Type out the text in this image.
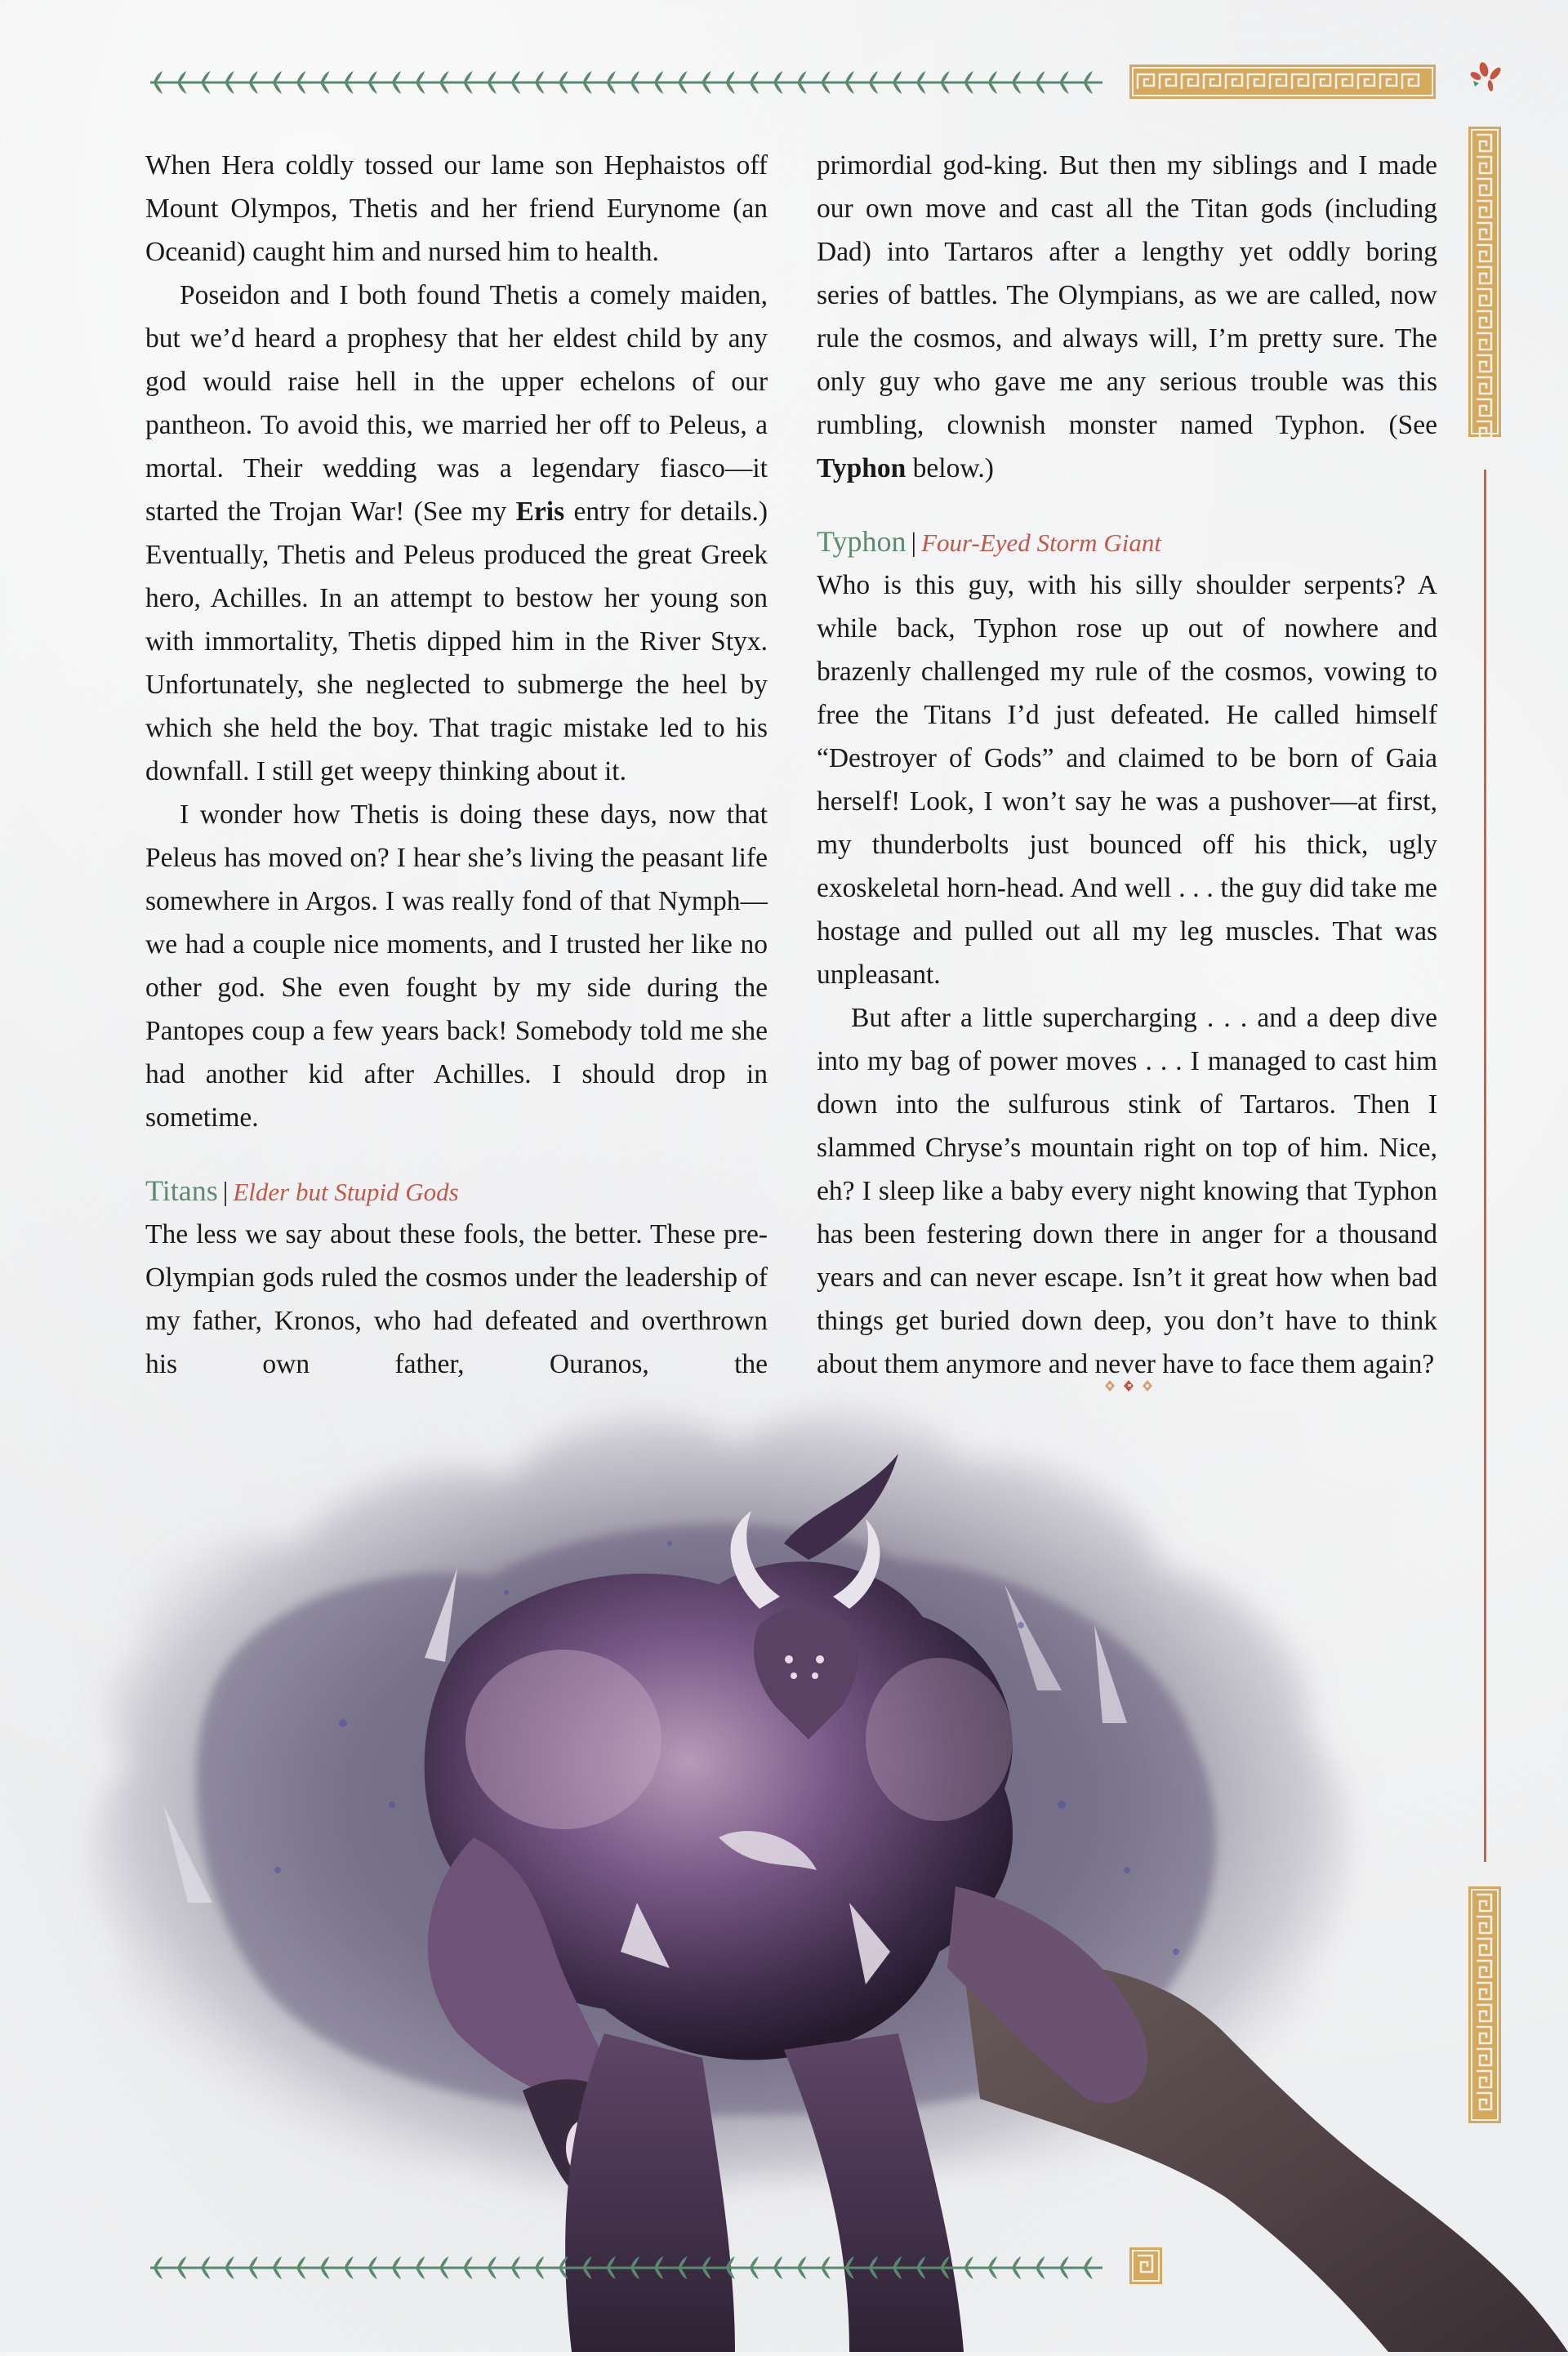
When Hera coldly tossed our lame son Hephaistos off Mount Olympos, Thetis and her friend Eurynome (an Oceanid) caught him and nursed him to health.

Poseidon and I both found Thetis a comely maiden, but we’d heard a prophesy that her eldest child by any god would raise hell in the upper echelons of our pantheon. To avoid this, we married her off to Peleus, a mortal. Their wedding was a legendary fiasco—it started the Trojan War! (See my Eris entry for details.) Eventually, Thetis and Peleus produced the great Greek hero, Achilles. In an attempt to bestow her young son with immortality, Thetis dipped him in the River Styx. Unfortunately, she neglected to submerge the heel by which she held the boy. That tragic mistake led to his downfall. I still get weepy thinking about it.

I wonder how Thetis is doing these days, now that Peleus has moved on? I hear she’s living the peasant life somewhere in Argos. I was really fond of that Nymph—we had a couple nice moments, and I trusted her like no other god. She even fought by my side during the Pantopes coup a few years back! Somebody told me she had another kid after Achilles. I should drop in sometime.

Titans | Elder but Stupid Gods

The less we say about these fools, the better. These pre-Olympian gods ruled the cosmos under the leadership of my father, Kronos, who had defeated and overthrown his own father, Ouranos, the

primordial god-king. But then my siblings and I made our own move and cast all the Titan gods (including Dad) into Tartaros after a lengthy yet oddly boring series of battles. The Olympians, as we are called, now rule the cosmos, and always will, I’m pretty sure. The only guy who gave me any serious trouble was this rumbling, clownish monster named Typhon. (See Typhon below.)

Typhon | Four-Eyed Storm Giant

Who is this guy, with his silly shoulder serpents? A while back, Typhon rose up out of nowhere and brazenly challenged my rule of the cosmos, vowing to free the Titans I’d just defeated. He called himself “Destroyer of Gods” and claimed to be born of Gaia herself! Look, I won’t say he was a pushover—at first, my thunderbolts just bounced off his thick, ugly exoskeletal horn-head. And well . . . the guy did take me hostage and pulled out all my leg muscles. That was unpleasant.

But after a little supercharging . . . and a deep dive into my bag of power moves . . . I managed to cast him down into the sulfurous stink of Tartaros. Then I slammed Chryse’s mountain right on top of him. Nice, eh? I sleep like a baby every night knowing that Typhon has been festering down there in anger for a thousand years and can never escape. Isn’t it great how when bad things get buried down deep, you don’t have to think about them anymore and never have to face them again?
